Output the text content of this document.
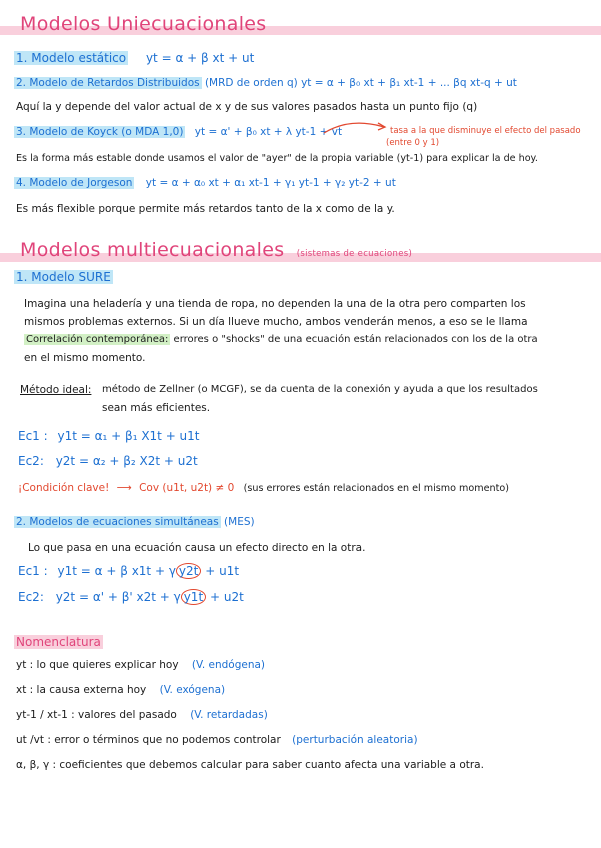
Modelos Uniecuacionales
1. Modelo estático yt = α + β xt + ut
2. Modelo de Retardos Distribuidos (MRD de orden q) yt = α + β₀ xt + β₁ xt-1 + ... βq xt-q + ut
Aquí la y depende del valor actual de x y de sus valores pasados hasta un punto fijo (q)
3. Modelo de Koyck (o MDA 1,0) yt = α' + β₀ xt + λ yt-1 + vt	tasa a la que disminuye el efecto del pasado
(entre 0 y 1)
Es la forma más estable donde usamos el valor de "ayer" de la propia variable (yt-1) para explicar la de hoy.
4. Modelo de Jorgeson yt = α + α₀ xt + α₁ xt-1 + γ₁ yt-1 + γ₂ yt-2 + ut
Es más flexible porque permite más retardos tanto de la x como de la y.
Modelos multiecuacionales (sistemas de ecuaciones)
1. Modelo SURE
Imagina una heladería y una tienda de ropa, no dependen la una de la otra pero comparten los
mismos problemas externos. Si un día llueve mucho, ambos venderán menos, a eso se le llama
Correlación contemporánea: errores o "shocks" de una ecuación están relacionados con los de la otra
en el mismo momento.
Método ideal: método de Zellner (o MCGF), se da cuenta de la conexión y ayuda a que los resultados
sean más eficientes.
Ec1 : y1t = α₁ + β₁ X1t + u1t
Ec2: y2t = α₂ + β₂ X2t + u2t
¡Condición clave! ⟶ Cov (u1t, u2t) ≠ 0 (sus errores están relacionados en el mismo momento)
2. Modelos de ecuaciones simultáneas (MES)
Lo que pasa en una ecuación causa un efecto directo en la otra.
Ec1 : y1t = α + β x1t + γ y2t + u1t
Ec2: y2t = α' + β' x2t + γ y1t + u2t
Nomenclatura
yt : lo que quieres explicar hoy (V. endógena)
xt : la causa externa hoy (V. exógena)
yt-1 / xt-1 : valores del pasado (V. retardadas)
ut /vt : error o términos que no podemos controlar (perturbación aleatoria)
α, β, γ : coeficientes que debemos calcular para saber cuanto afecta una variable a otra.
